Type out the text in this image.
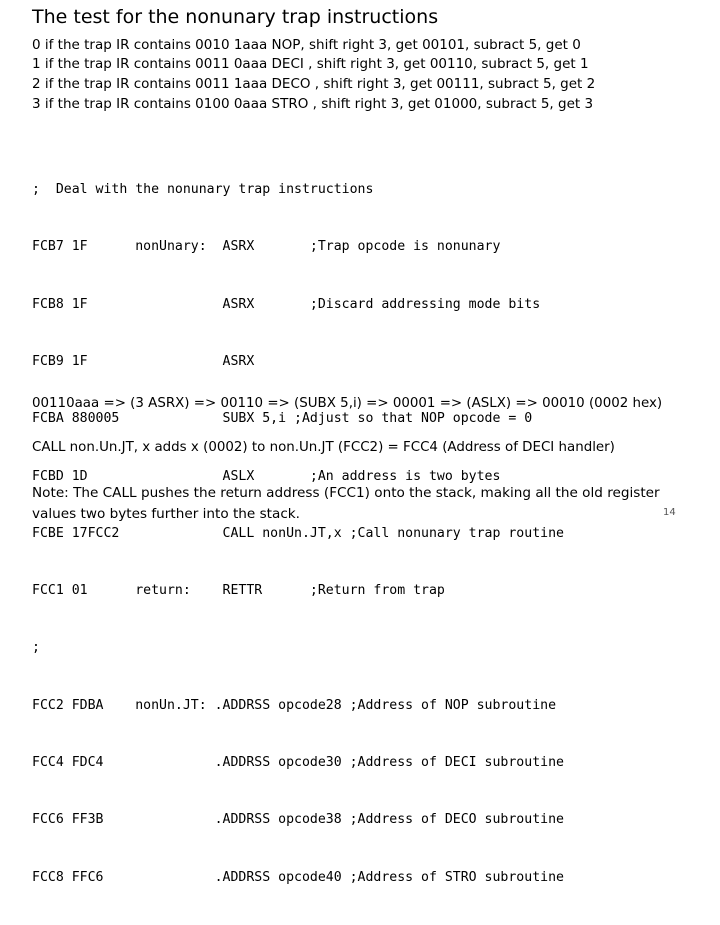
The test for the nonunary trap instructions
0 if the trap IR contains 0010 1aaa NOP, shift right 3, get 00101, subract 5, get 0
1 if the trap IR contains 0011 0aaa DECI , shift right 3, get 00110, subract 5, get 1
2 if the trap IR contains 0011 1aaa DECO , shift right 3, get 00111, subract 5, get 2
3 if the trap IR contains 0100 0aaa STRO , shift right 3, get 01000, subract 5, get 3

;  Deal with the nonunary trap instructions

FCB7 1F      nonUnary:  ASRX       ;Trap opcode is nonunary

FCB8 1F                 ASRX       ;Discard addressing mode bits

FCB9 1F                 ASRX

FCBA 880005             SUBX 5,i ;Adjust so that NOP opcode = 0

FCBD 1D                 ASLX       ;An address is two bytes

FCBE 17FCC2             CALL nonUn.JT,x ;Call nonunary trap routine

FCC1 01      return:    RETTR      ;Return from trap

;

FCC2 FDBA    nonUn.JT: .ADDRSS opcode28 ;Address of NOP subroutine

FCC4 FDC4              .ADDRSS opcode30 ;Address of DECI subroutine

FCC6 FF3B              .ADDRSS opcode38 ;Address of DECO subroutine

FCC8 FFC6              .ADDRSS opcode40 ;Address of STRO subroutine

00110aaa => (3 ASRX) => 00110 => (SUBX 5,i) => 00001 => (ASLX) => 00010 (0002 hex)
CALL non.Un.JT, x adds x (0002) to non.Un.JT (FCC2) = FCC4 (Address of DECI handler)
Note: The CALL pushes the return address (FCC1) onto the stack, making all the old register
values two bytes further into the stack.	14
